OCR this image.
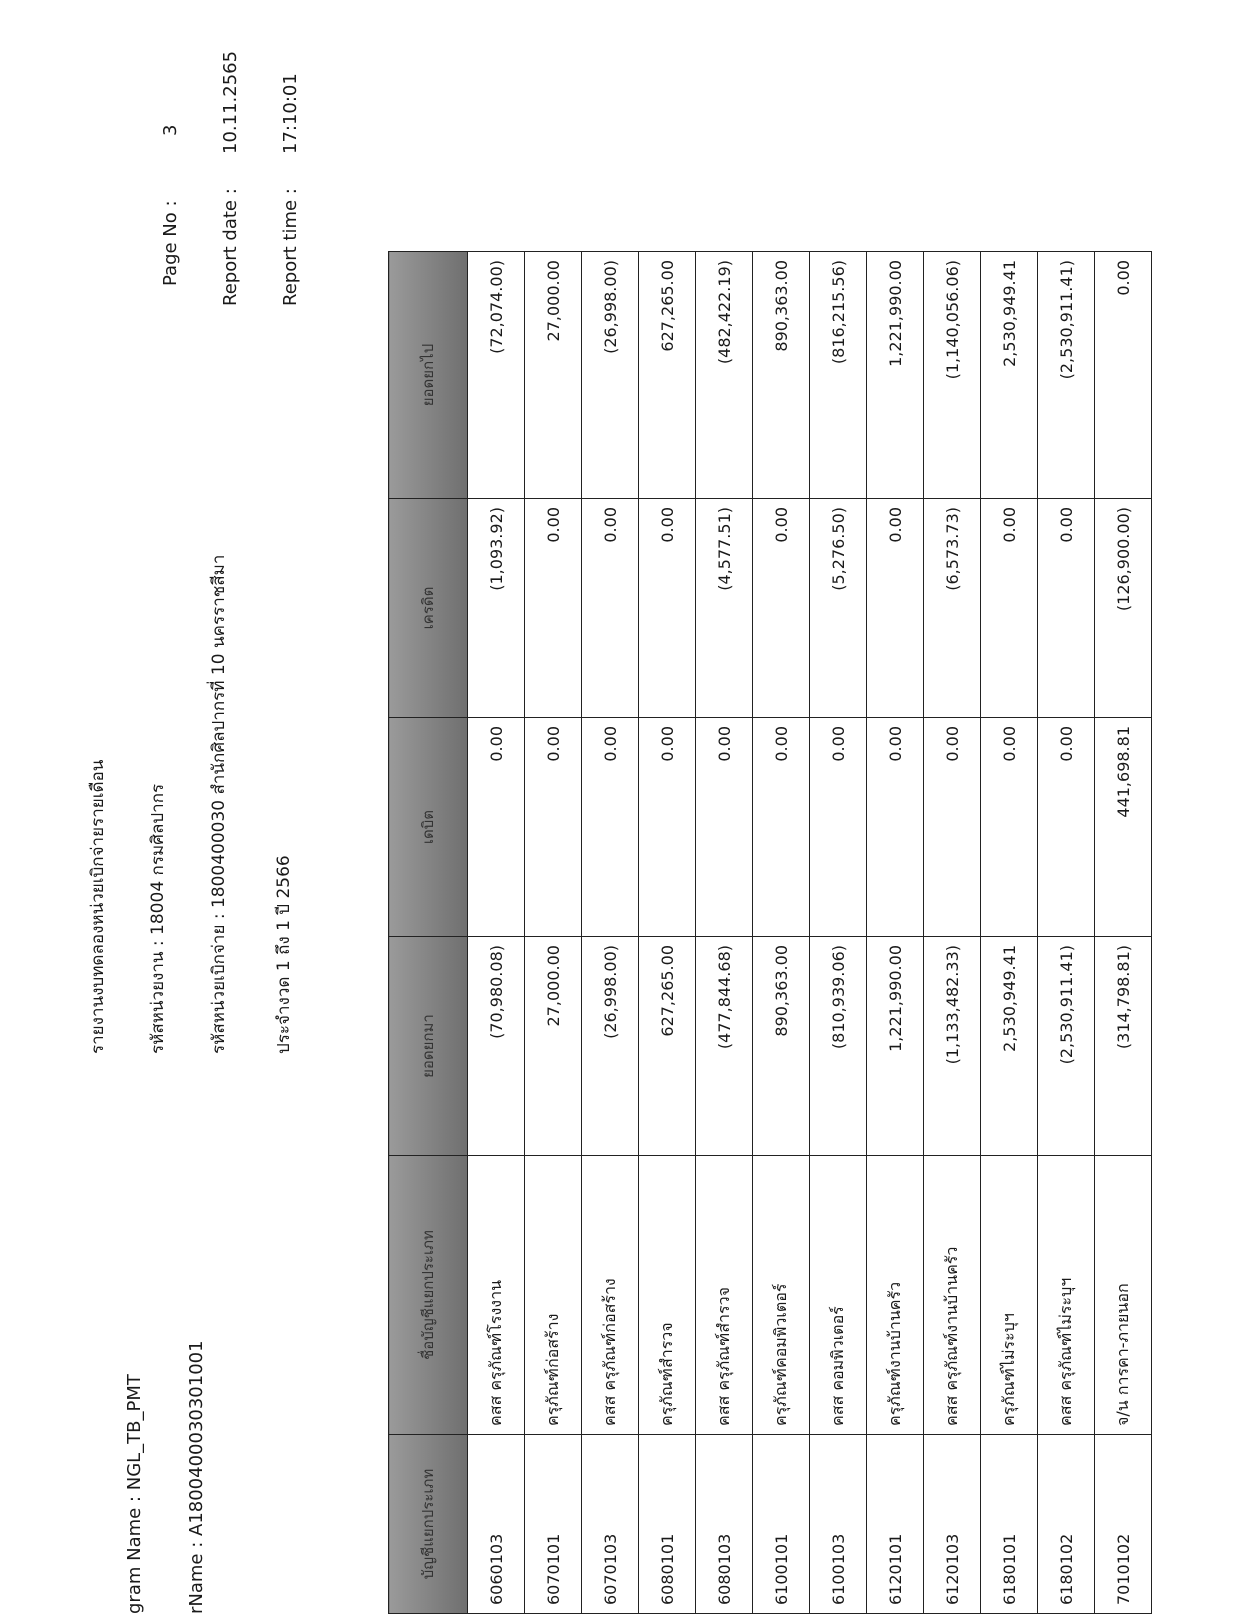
รายงานงบทดลองหน่วยเบิกจ่ายรายเดือน รหัสหน่วยงาน : 18004 กรมศิลปากร รหัสหน่วยเบิกจ่าย : 1800400030 สำนักศิลปากรที่ 10 นครราชสีมา	ประจำงวด 1 ถึง 1 ปี 2566
gram Name : NGL_TB_PMT rName : A1800400030301001
Page No :
3
Report date :
10.11.2565
Report time :
17:10:01
บัญชีแยกประเภท	ชื่อบัญชีแยกประเภท	ยอดยกมา	เดบิต	เครดิต	ยอดยกไป
6060103	คสส ครุภัณฑ์โรงงาน	(70,980.08)	0.00	(1,093.92)	(72,074.00)
6070101	ครุภัณฑ์ก่อสร้าง	27,000.00	0.00	0.00	27,000.00
6070103	คสส ครุภัณฑ์ก่อสร้าง	(26,998.00)	0.00	0.00	(26,998.00)
6080101	ครุภัณฑ์สำรวจ	627,265.00	0.00	0.00	627,265.00
6080103	คสส ครุภัณฑ์สำรวจ	(477,844.68)	0.00	(4,577.51)	(482,422.19)
6100101	ครุภัณฑ์คอมพิวเตอร์	890,363.00	0.00	0.00	890,363.00
6100103	คสส คอมพิวเตอร์	(810,939.06)	0.00	(5,276.50)	(816,215.56)
6120101	ครุภัณฑ์งานบ้านครัว	1,221,990.00	0.00	0.00	1,221,990.00
6120103	คสส ครุภัณฑ์งานบ้านครัว	(1,133,482.33)	0.00	(6,573.73)	(1,140,056.06)
6180101	ครุภัณฑ์ไม่ระบุฯ	2,530,949.41	0.00	0.00	2,530,949.41
6180102	คสส ครุภัณฑ์ไม่ระบุฯ	(2,530,911.41)	0.00	0.00	(2,530,911.41)
7010102	จ/น การคา-ภายนอก	(314,798.81)	441,698.81	(126,900.00)	0.00
